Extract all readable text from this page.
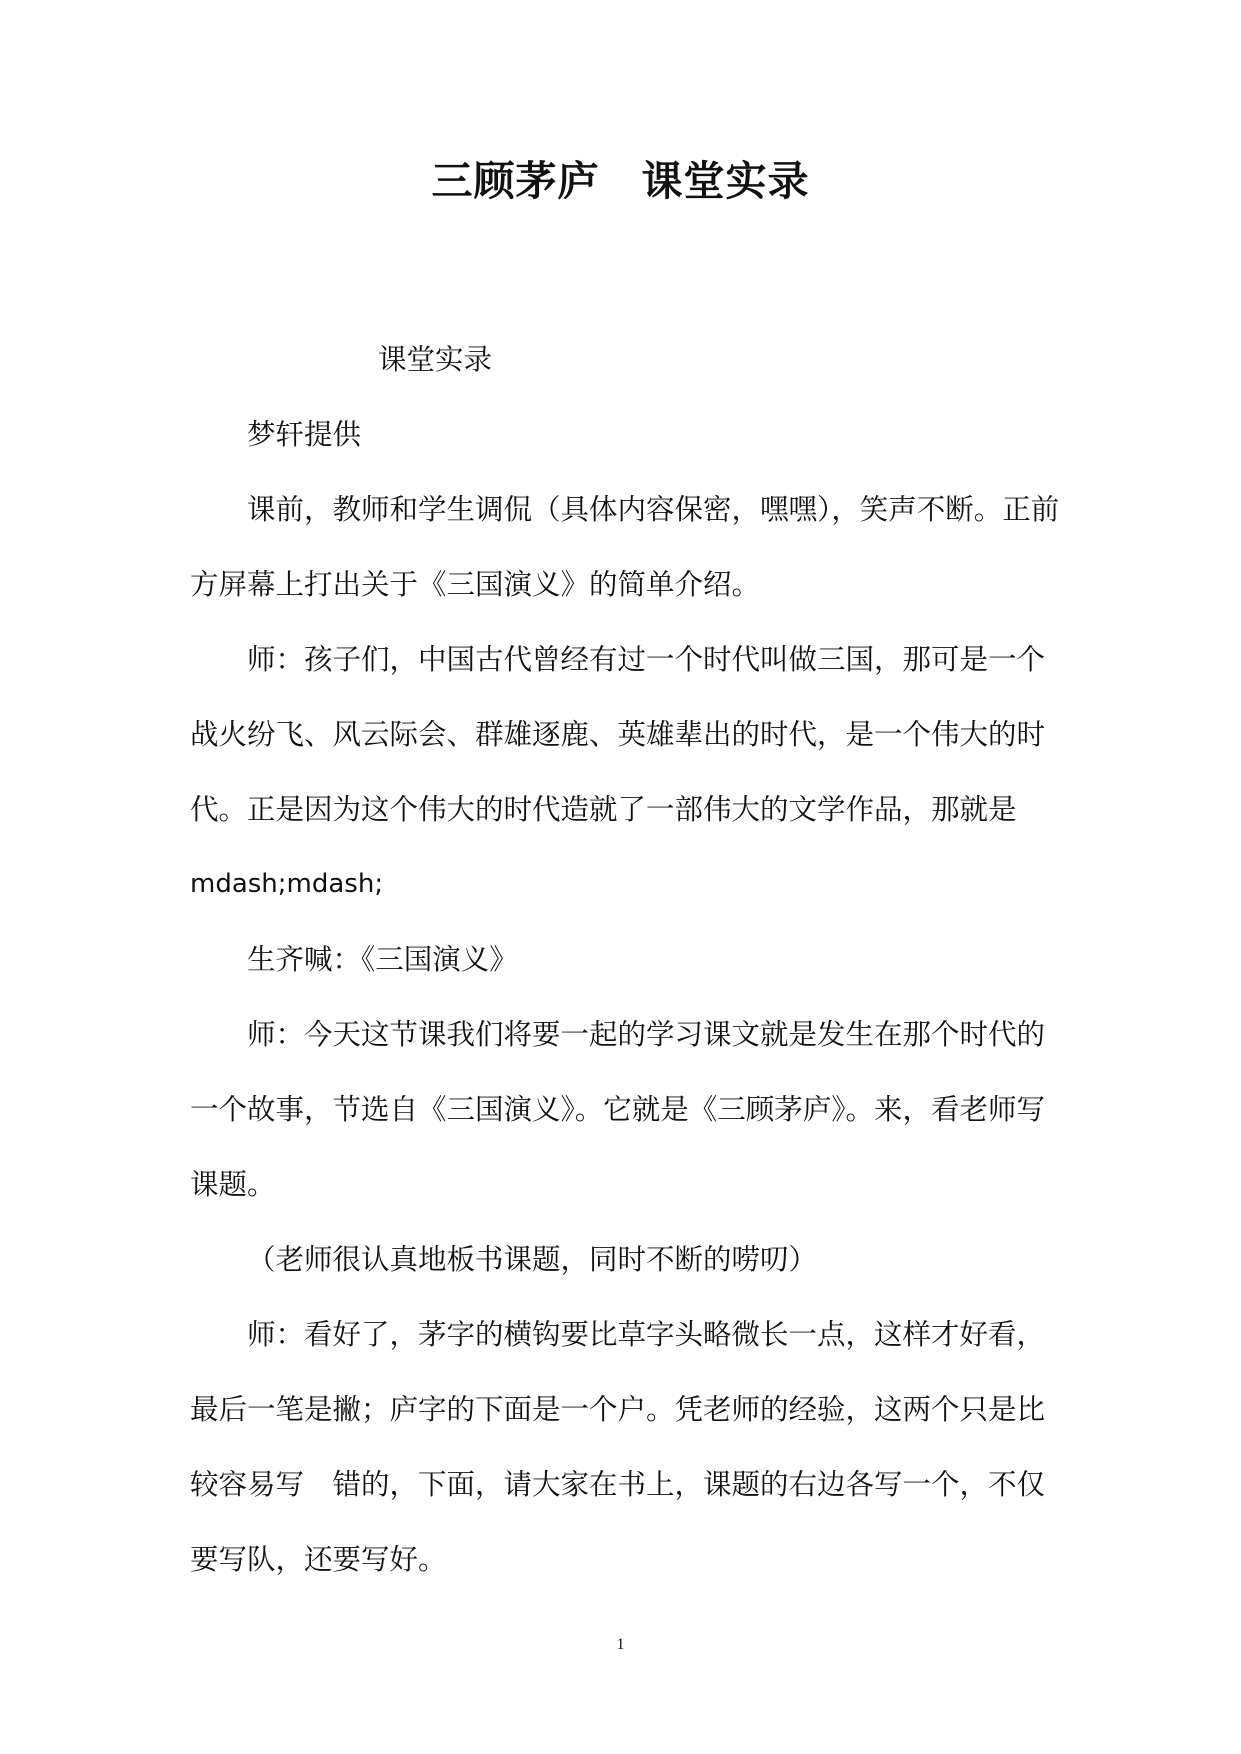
三顾茅庐　课堂实录

课堂实录

梦轩提供

课前，教师和学生调侃（具体内容保密，嘿嘿），笑声不断。正前方屏幕上打出关于《三国演义》的简单介绍。

师：孩子们，中国古代曾经有过一个时代叫做三国，那可是一个战火纷飞、风云际会、群雄逐鹿、英雄辈出的时代，是一个伟大的时代。正是因为这个伟大的时代造就了一部伟大的文学作品，那就是

mdash;mdash;

生齐喊：《三国演义》

师：今天这节课我们将要一起的学习课文就是发生在那个时代的一个故事，节选自《三国演义》。它就是《三顾茅庐》。来，看老师写课题。

（老师很认真地板书课题，同时不断的唠叨）

师：看好了，茅字的横钩要比草字头略微长一点，这样才好看，最后一笔是撇；庐字的下面是一个户。凭老师的经验，这两个只是比较容易写　错的，下面，请大家在书上，课题的右边各写一个，不仅要写队，还要写好。

1
